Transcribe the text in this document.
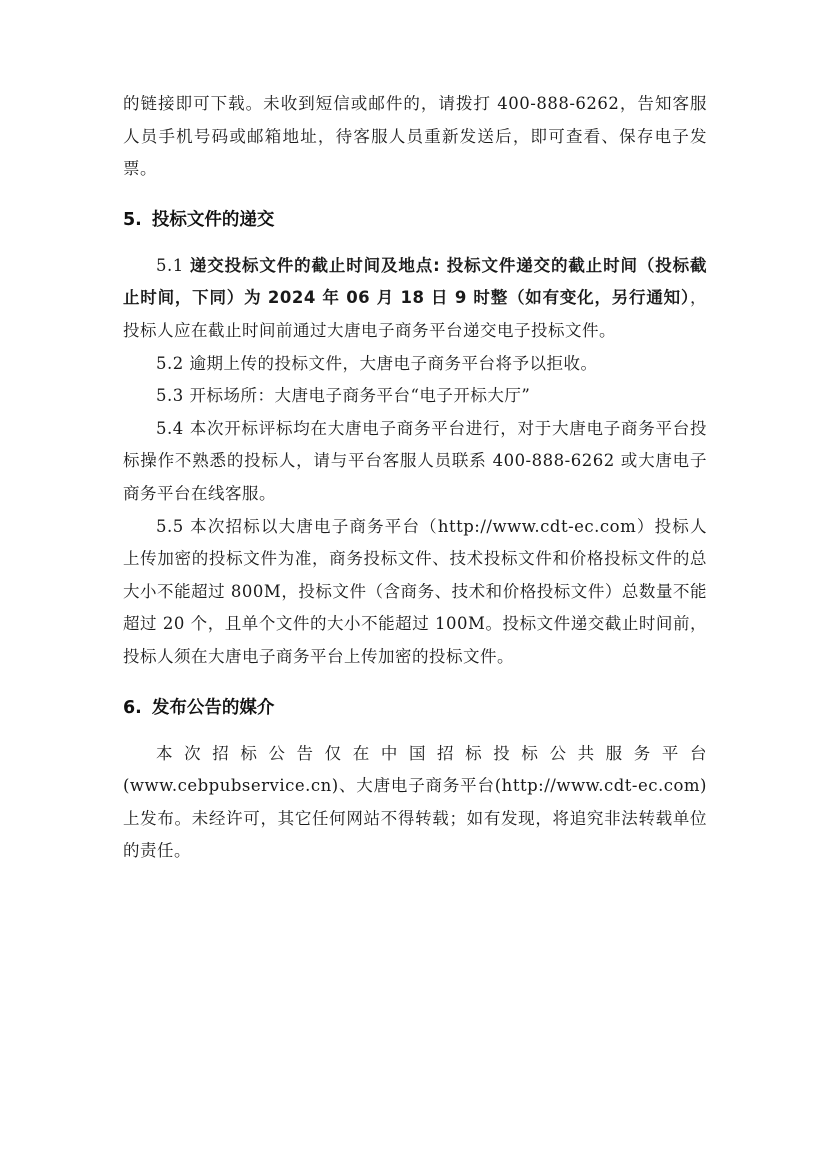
的链接即可下载。未收到短信或邮件的，请拨打 400-888-6262，告知客服人员手机号码或邮箱地址，待客服人员重新发送后，即可查看、保存电子发票。

5. 投标文件的递交

5.1 递交投标文件的截止时间及地点: 投标文件递交的截止时间（投标截止时间，下同）为 2024 年 06 月 18 日 9 时整（如有变化，另行通知），投标人应在截止时间前通过大唐电子商务平台递交电子投标文件。

5.2 逾期上传的投标文件，大唐电子商务平台将予以拒收。

5.3 开标场所：大唐电子商务平台“电子开标大厅”

5.4 本次开标评标均在大唐电子商务平台进行，对于大唐电子商务平台投标操作不熟悉的投标人，请与平台客服人员联系 400-888-6262 或大唐电子商务平台在线客服。

5.5 本次招标以大唐电子商务平台（http://www.cdt-ec.com）投标人上传加密的投标文件为准，商务投标文件、技术投标文件和价格投标文件的总大小不能超过 800M，投标文件（含商务、技术和价格投标文件）总数量不能超过 20 个，且单个文件的大小不能超过 100M。投标文件递交截止时间前，投标人须在大唐电子商务平台上传加密的投标文件。

6. 发布公告的媒介

本次招标公告仅在中国招标投标公共服务平台(www.cebpubservice.cn)、大唐电子商务平台(http://www.cdt-ec.com)上发布。未经许可，其它任何网站不得转载；如有发现，将追究非法转载单位的责任。
